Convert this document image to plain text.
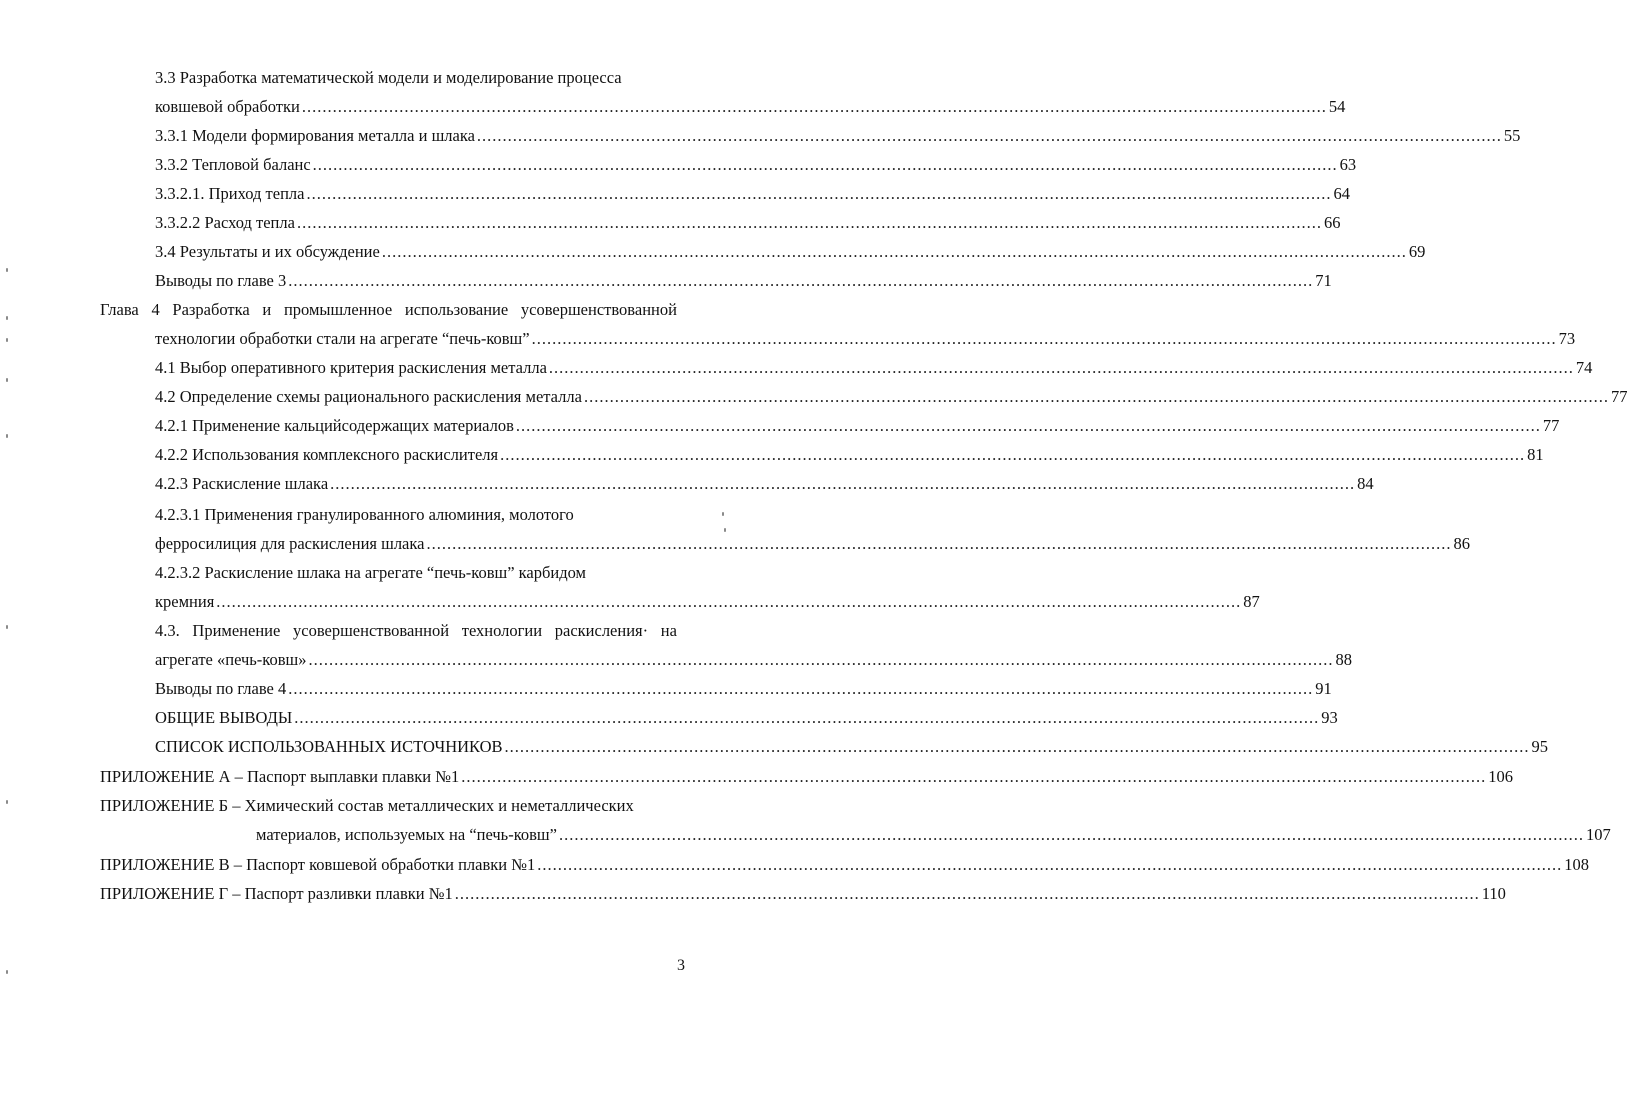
3.3 Разработка математической модели и моделирование процесса
ковшевой обработки ........................................................................................................................................................................................................ 54
3.3.1 Модели формирования металла и шлака ........................................................................................................................................................................................................ 55
3.3.2 Тепловой баланс ........................................................................................................................................................................................................ 63
3.3.2.1. Приход тепла ........................................................................................................................................................................................................ 64
3.3.2.2 Расход тепла ........................................................................................................................................................................................................ 66
3.4 Результаты и их обсуждение ........................................................................................................................................................................................................ 69
Выводы по главе 3 ........................................................................................................................................................................................................ 71
Глава 4 Разработка и промышленное использование усовершенствованной
технологии обработки стали на агрегате “печь-ковш” ........................................................................................................................................................................................................ 73
4.1 Выбор оперативного критерия раскисления металла ........................................................................................................................................................................................................ 74
4.2 Определение схемы рационального раскисления металла ........................................................................................................................................................................................................ 77
4.2.1 Применение кальцийсодержащих материалов ........................................................................................................................................................................................................ 77
4.2.2 Использования комплексного раскислителя ........................................................................................................................................................................................................ 81
4.2.3 Раскисление шлака ........................................................................................................................................................................................................ 84
4.2.3.1 Применения гранулированного алюминия, молотого
ферросилиция для раскисления шлака ........................................................................................................................................................................................................ 86
4.2.3.2 Раскисление шлака на агрегате “печь-ковш” карбидом
кремния ........................................................................................................................................................................................................ 87
4.3. Применение усовершенствованной технологии раскисления· на
агрегате «печь-ковш» ........................................................................................................................................................................................................ 88
Выводы по главе 4 ........................................................................................................................................................................................................ 91
ОБЩИЕ ВЫВОДЫ ........................................................................................................................................................................................................ 93
СПИСОК ИСПОЛЬЗОВАННЫХ ИСТОЧНИКОВ ........................................................................................................................................................................................................ 95
ПРИЛОЖЕНИЕ А – Паспорт выплавки плавки №1 ........................................................................................................................................................................................................ 106
ПРИЛОЖЕНИЕ Б – Химический состав металлических и неметаллических
материалов, используемых на “печь-ковш” ........................................................................................................................................................................................................ 107
ПРИЛОЖЕНИЕ В – Паспорт ковшевой обработки плавки №1 ........................................................................................................................................................................................................ 108
ПРИЛОЖЕНИЕ Г – Паспорт разливки плавки №1 ........................................................................................................................................................................................................ 110
3
